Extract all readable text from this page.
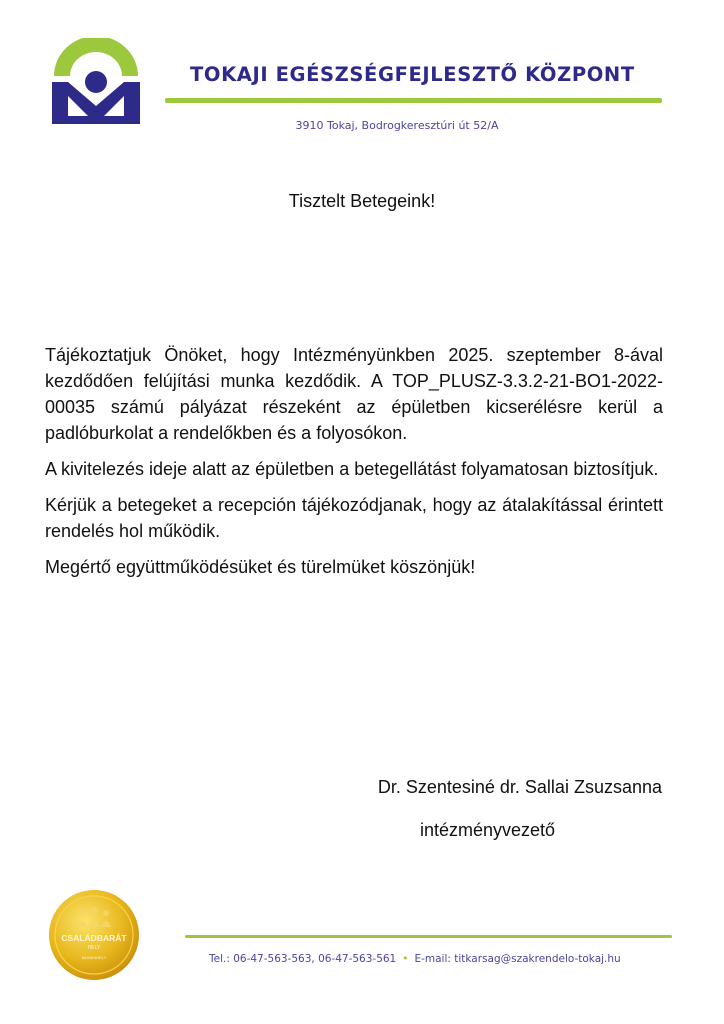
TOKAJI EGÉSZSÉGFEJLESZTŐ KÖZPONT
3910 Tokaj, Bodrogkeresztúri út 52/A
Tisztelt Betegeink!

Tájékoztatjuk Önöket, hogy Intézményünkben 2025. szeptember 8-ával kezdődően felújítási munka kezdődik. A TOP_PLUSZ-3.3.2-21-BO1-2022-00035 számú pályázat részeként az épületben kicserélésre kerül a padlóburkolat a rendelőkben és a folyosókon.

A kivitelezés ideje alatt az épületben a betegellátást folyamatosan biztosítjuk.

Kérjük a betegeket a recepción tájékozódjanak, hogy az átalakítással érintett rendelés hol működik.

Megértő együttműködésüket és türelmüket köszönjük!

Dr. Szentesiné dr. Sallai Zsuzsanna
intézményvezető
CSALÁDBARÁT
HELY
MUNKAHELY	Tel.: 06-47-563-563, 06-47-563-561 • E-mail: titkarsag@szakrendelo-tokaj.hu
